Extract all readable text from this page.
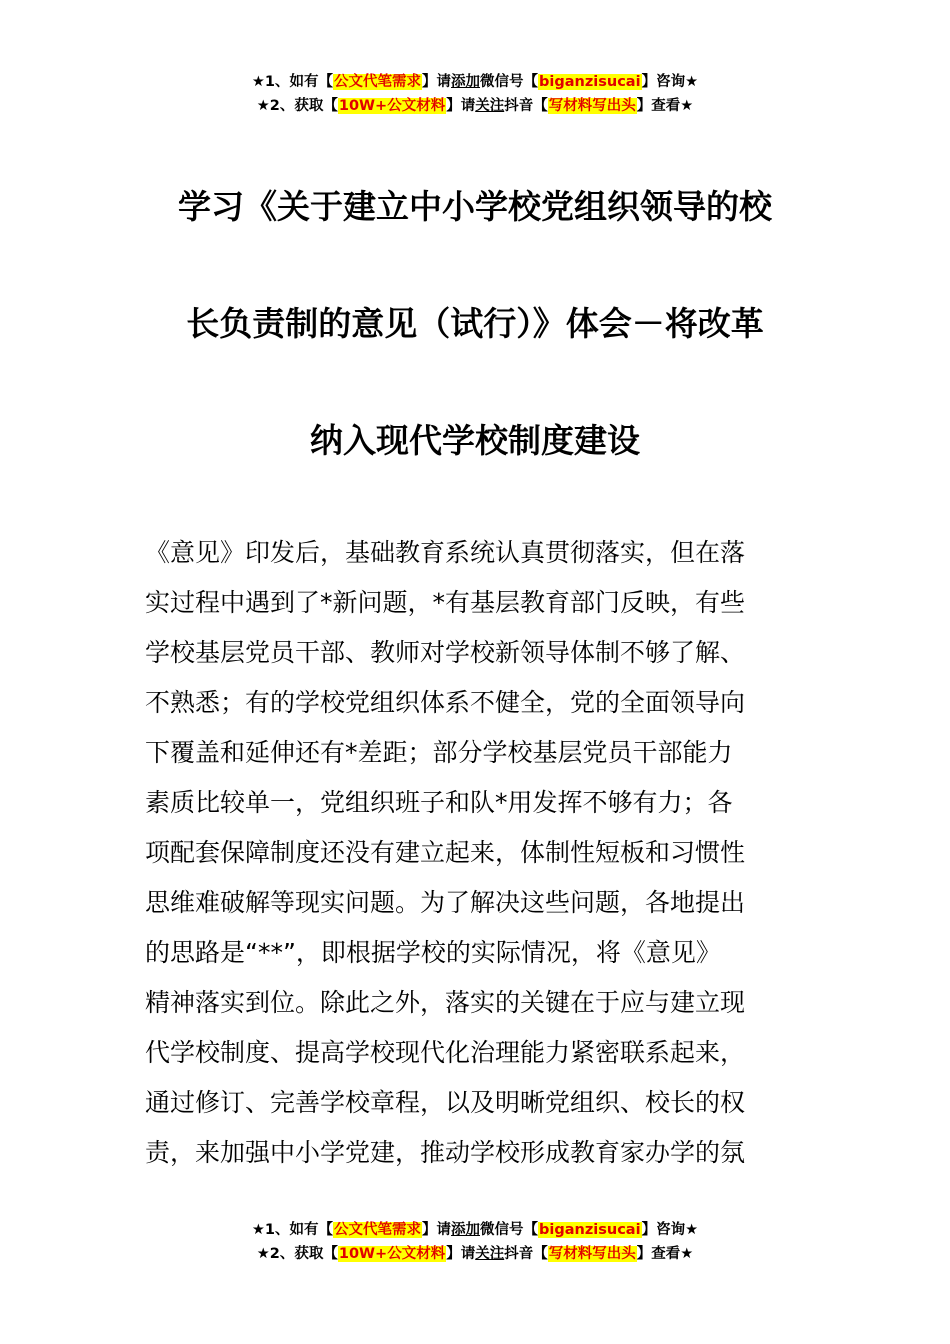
★1、如有【公文代笔需求】请添加微信号【biganzisucai】咨询★
★2、获取【10W+公文材料】请关注抖音【写材料写出头】查看★
学习《关于建立中小学校党组织领导的校
长负责制的意见（试行）》体会－将改革
纳入现代学校制度建设
《意见》印发后，基础教育系统认真贯彻落实，但在落
实过程中遇到了*新问题，*有基层教育部门反映，有些
学校基层党员干部、教师对学校新领导体制不够了解、
不熟悉；有的学校党组织体系不健全，党的全面领导向
下覆盖和延伸还有*差距；部分学校基层党员干部能力
素质比较单一，党组织班子和队*用发挥不够有力；各
项配套保障制度还没有建立起来，体制性短板和习惯性
思维难破解等现实问题。为了解决这些问题，各地提出
的思路是“**”，即根据学校的实际情况，将《意见》
精神落实到位。除此之外，落实的关键在于应与建立现
代学校制度、提高学校现代化治理能力紧密联系起来，
通过修订、完善学校章程，以及明晰党组织、校长的权
责，来加强中小学党建，推动学校形成教育家办学的氛
★1、如有【公文代笔需求】请添加微信号【biganzisucai】咨询★
★2、获取【10W+公文材料】请关注抖音【写材料写出头】查看★
